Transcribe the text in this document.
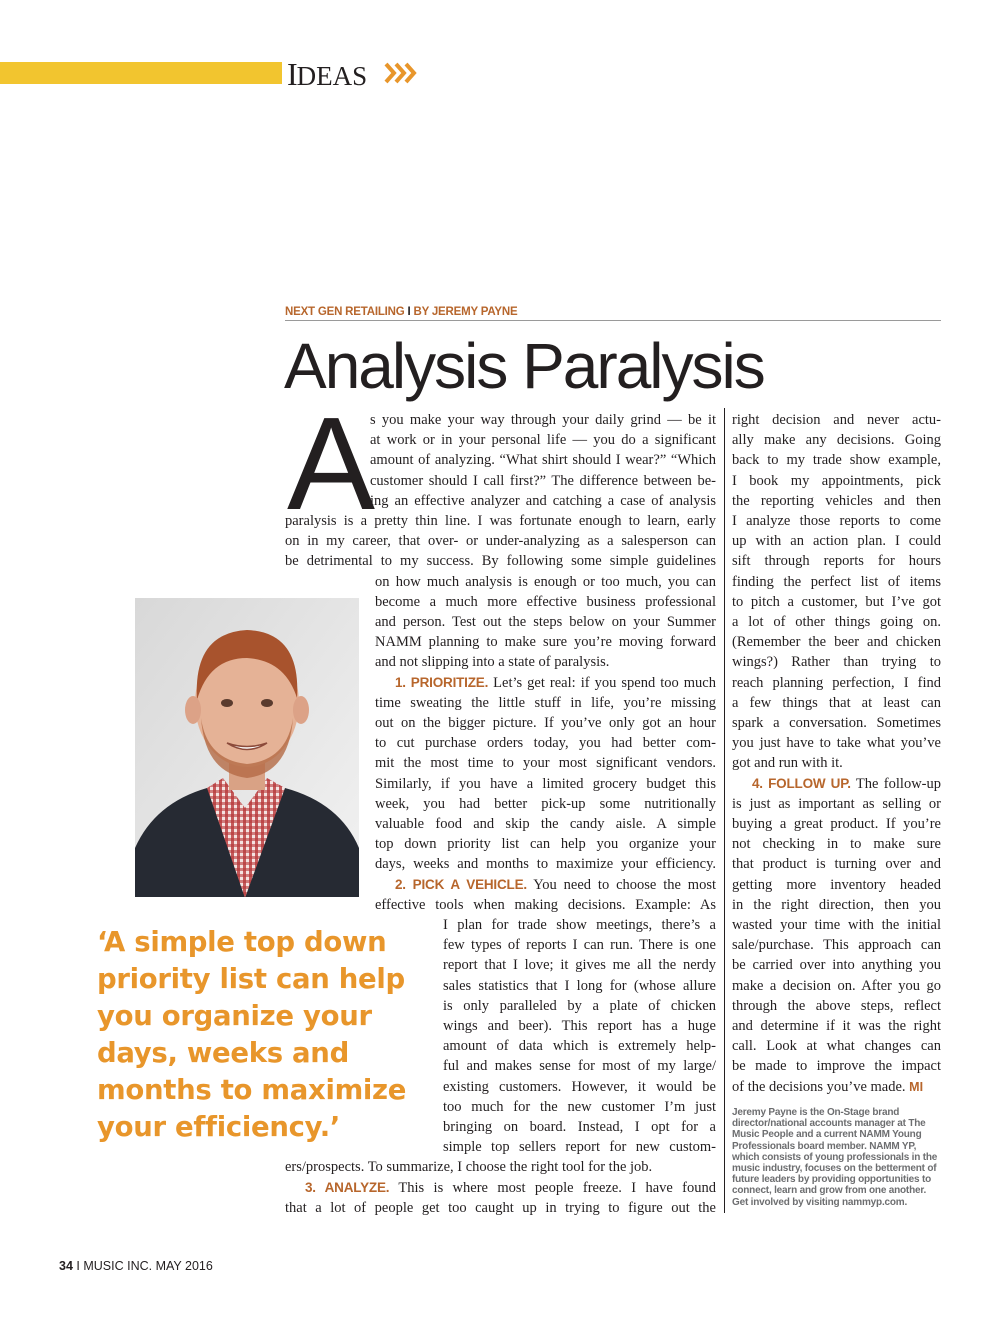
IDEAS
NEXT GEN RETAILING I BY JEREMY PAYNE
Analysis Paralysis
A
s you make your way through your daily grind — be it
at work or in your personal life — you do a significant
amount of analyzing. “What shirt should I wear?” “Which
customer should I call first?” The difference between be-
ing an effective analyzer and catching a case of analysis
paralysis is a pretty thin line. I was fortunate enough to learn, early
on in my career, that over- or under-analyzing as a salesperson can
be detrimental to my success. By following some simple guidelines
on how much analysis is enough or too much, you can
become a much more effective business professional
and person. Test out the steps below on your Summer
NAMM planning to make sure you’re moving forward
and not slipping into a state of paralysis.
1. PRIORITIZE. Let’s get real: if you spend too much
time sweating the little stuff in life, you’re missing
out on the bigger picture. If you’ve only got an hour
to cut purchase orders today, you had better com-
mit the most time to your most significant vendors.
Similarly, if you have a limited grocery budget this
week, you had better pick-up some nutritionally
valuable food and skip the candy aisle. A simple
top down priority list can help you organize your
days, weeks and months to maximize your efficiency.
2. PICK A VEHICLE. You need to choose the most
effective tools when making decisions. Example: As
I plan for trade show meetings, there’s a
few types of reports I can run. There is one
report that I love; it gives me all the nerdy
sales statistics that I long for (whose allure
is only paralleled by a plate of chicken
wings and beer). This report has a huge
amount of data which is extremely help-
ful and makes sense for most of my large/
existing customers. However, it would be
too much for the new customer I’m just
bringing on board. Instead, I opt for a
simple top sellers report for new custom-
ers/prospects. To summarize, I choose the right tool for the job.
3. ANALYZE. This is where most people freeze. I have found
that a lot of people get too caught up in trying to figure out the
right decision and never actu-
ally make any decisions. Going
back to my trade show example,
I book my appointments, pick
the reporting vehicles and then
I analyze those reports to come
up with an action plan. I could
sift through reports for hours
finding the perfect list of items
to pitch a customer, but I’ve got
a lot of other things going on.
(Remember the beer and chicken
wings?) Rather than trying to
reach planning perfection, I find
a few things that at least can
spark a conversation. Sometimes
you just have to take what you’ve
got and run with it.
4. FOLLOW UP. The follow-up
is just as important as selling or
buying a great product. If you’re
not checking in to make sure
that product is turning over and
getting more inventory headed
in the right direction, then you
wasted your time with the initial
sale/purchase. This approach can
be carried over into anything you
make a decision on. After you go
through the above steps, reflect
and determine if it was the right
call. Look at what changes can
be made to improve the impact
of the decisions you’ve made. MI
‘A simple top down
priority list can help
you organize your
days, weeks and
months to maximize
your efficiency.’	Jeremy Payne is the On-Stage brand
director/national accounts manager at The
Music People and a current NAMM Young
Professionals board member. NAMM YP,
which consists of young professionals in the
music industry, focuses on the betterment of
future leaders by providing opportunities to
connect, learn and grow from one another.
Get involved by visiting nammyp.com.
34 I MUSIC INC. MAY 2016
